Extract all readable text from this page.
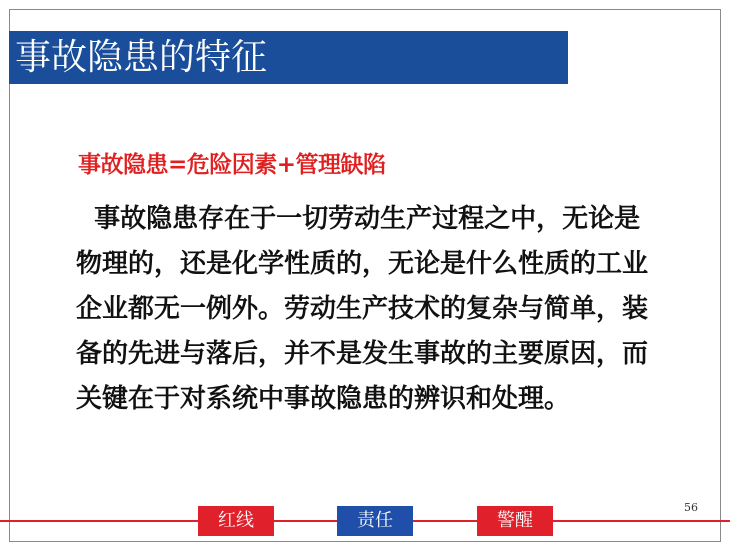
事故隐患的特征
事故隐患=危险因素+管理缺陷
事故隐患存在于一切劳动生产过程之中，无论是
物理的，还是化学性质的，无论是什么性质的工业
企业都无一例外。劳动生产技术的复杂与简单，装
备的先进与落后，并不是发生事故的主要原因，而
关键在于对系统中事故隐患的辨识和处理。
56
红线	责任	警醒
